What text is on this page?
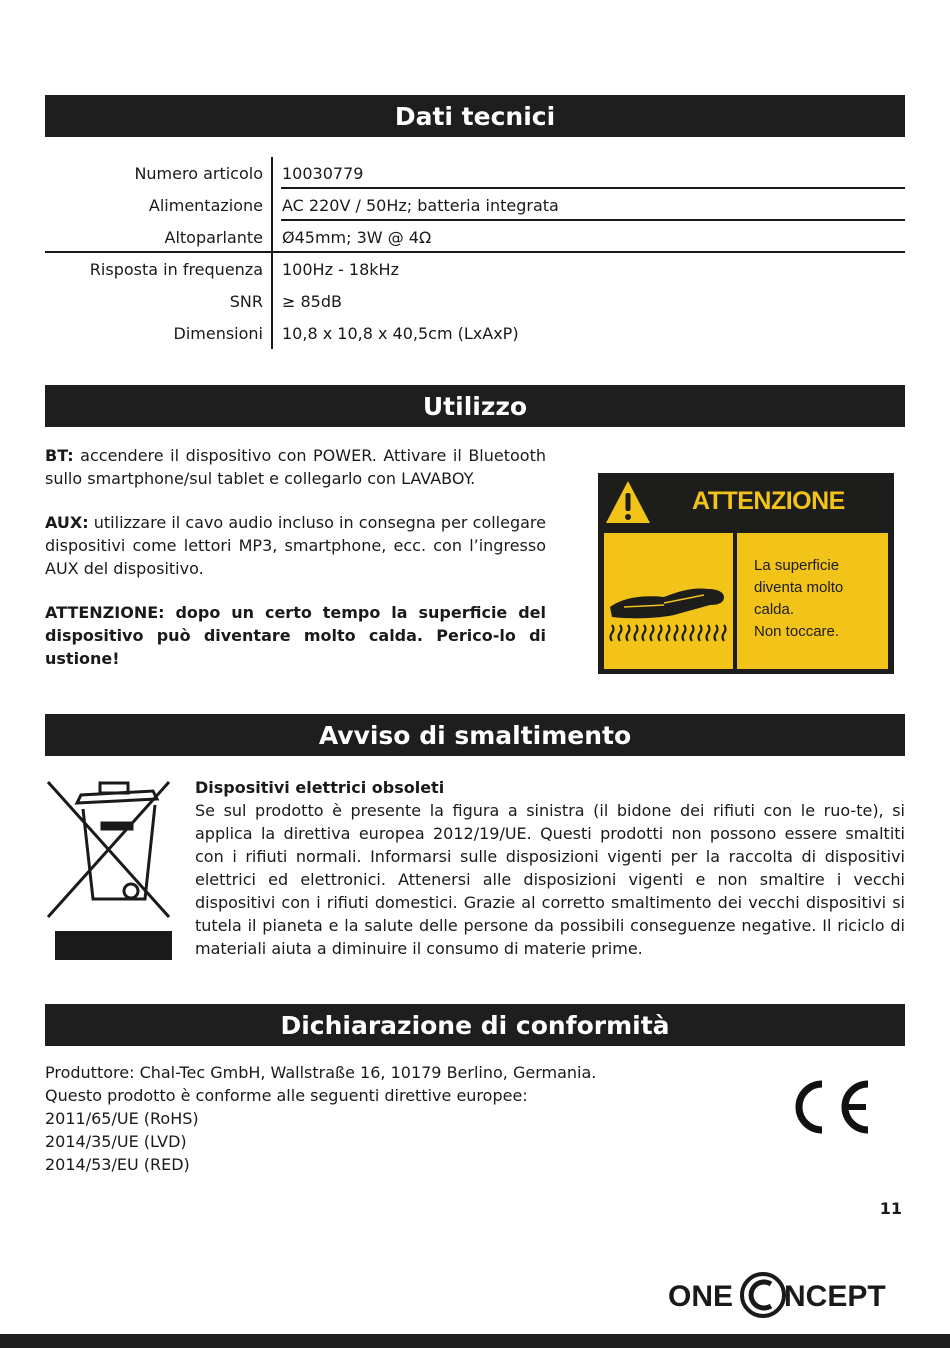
Dati tecnici
Numero articolo	10030779
Alimentazione	AC 220V / 50Hz; batteria integrata
Altoparlante	Ø45mm; 3W @ 4Ω
Risposta in frequenza	100Hz - 18kHz
SNR	≥ 85dB
Dimensioni	10,8 x 10,8 x 40,5cm (LxAxP)
Utilizzo

BT: accendere il dispositivo con POWER. Attivare il Bluetooth sullo smartphone/sul tablet e collegarlo con LAVABOY.

AUX: utilizzare il cavo audio incluso in consegna per collegare dispositivi come lettori MP3, smartphone, ecc. con l’ingresso AUX del dispositivo.

ATTENZIONE: dopo un certo tempo la superficie del dispositivo può diventare molto calda. Perico-lo di ustione!

ATTENZIONE
La superficie
diventa molto
calda.
Non toccare.
Avviso di smaltimento
Dispositivi elettrici obsoleti
Se sul prodotto è presente la figura a sinistra (il bidone dei rifiuti con le ruo-te), si applica la direttiva europea 2012/19/UE. Questi prodotti non possono essere smaltiti con i rifiuti normali. Informarsi sulle disposizioni vigenti per la raccolta di dispositivi elettrici ed elettronici. Attenersi alle disposizioni vigenti e non smaltire i vecchi dispositivi con i rifiuti domestici. Grazie al corretto smaltimento dei vecchi dispositivi si tutela il pianeta e la salute delle persone da possibili conseguenze negative. Il riciclo di materiali aiuta a diminuire il consumo di materie prime.
Dichiarazione di conformità
Produttore: Chal-Tec GmbH, Wallstraße 16, 10179 Berlino, Germania.
Questo prodotto è conforme alle seguenti direttive europee:
2011/65/UE (RoHS)
2014/35/UE (LVD)
2014/53/EU (RED)
11
ONE NCEPT
